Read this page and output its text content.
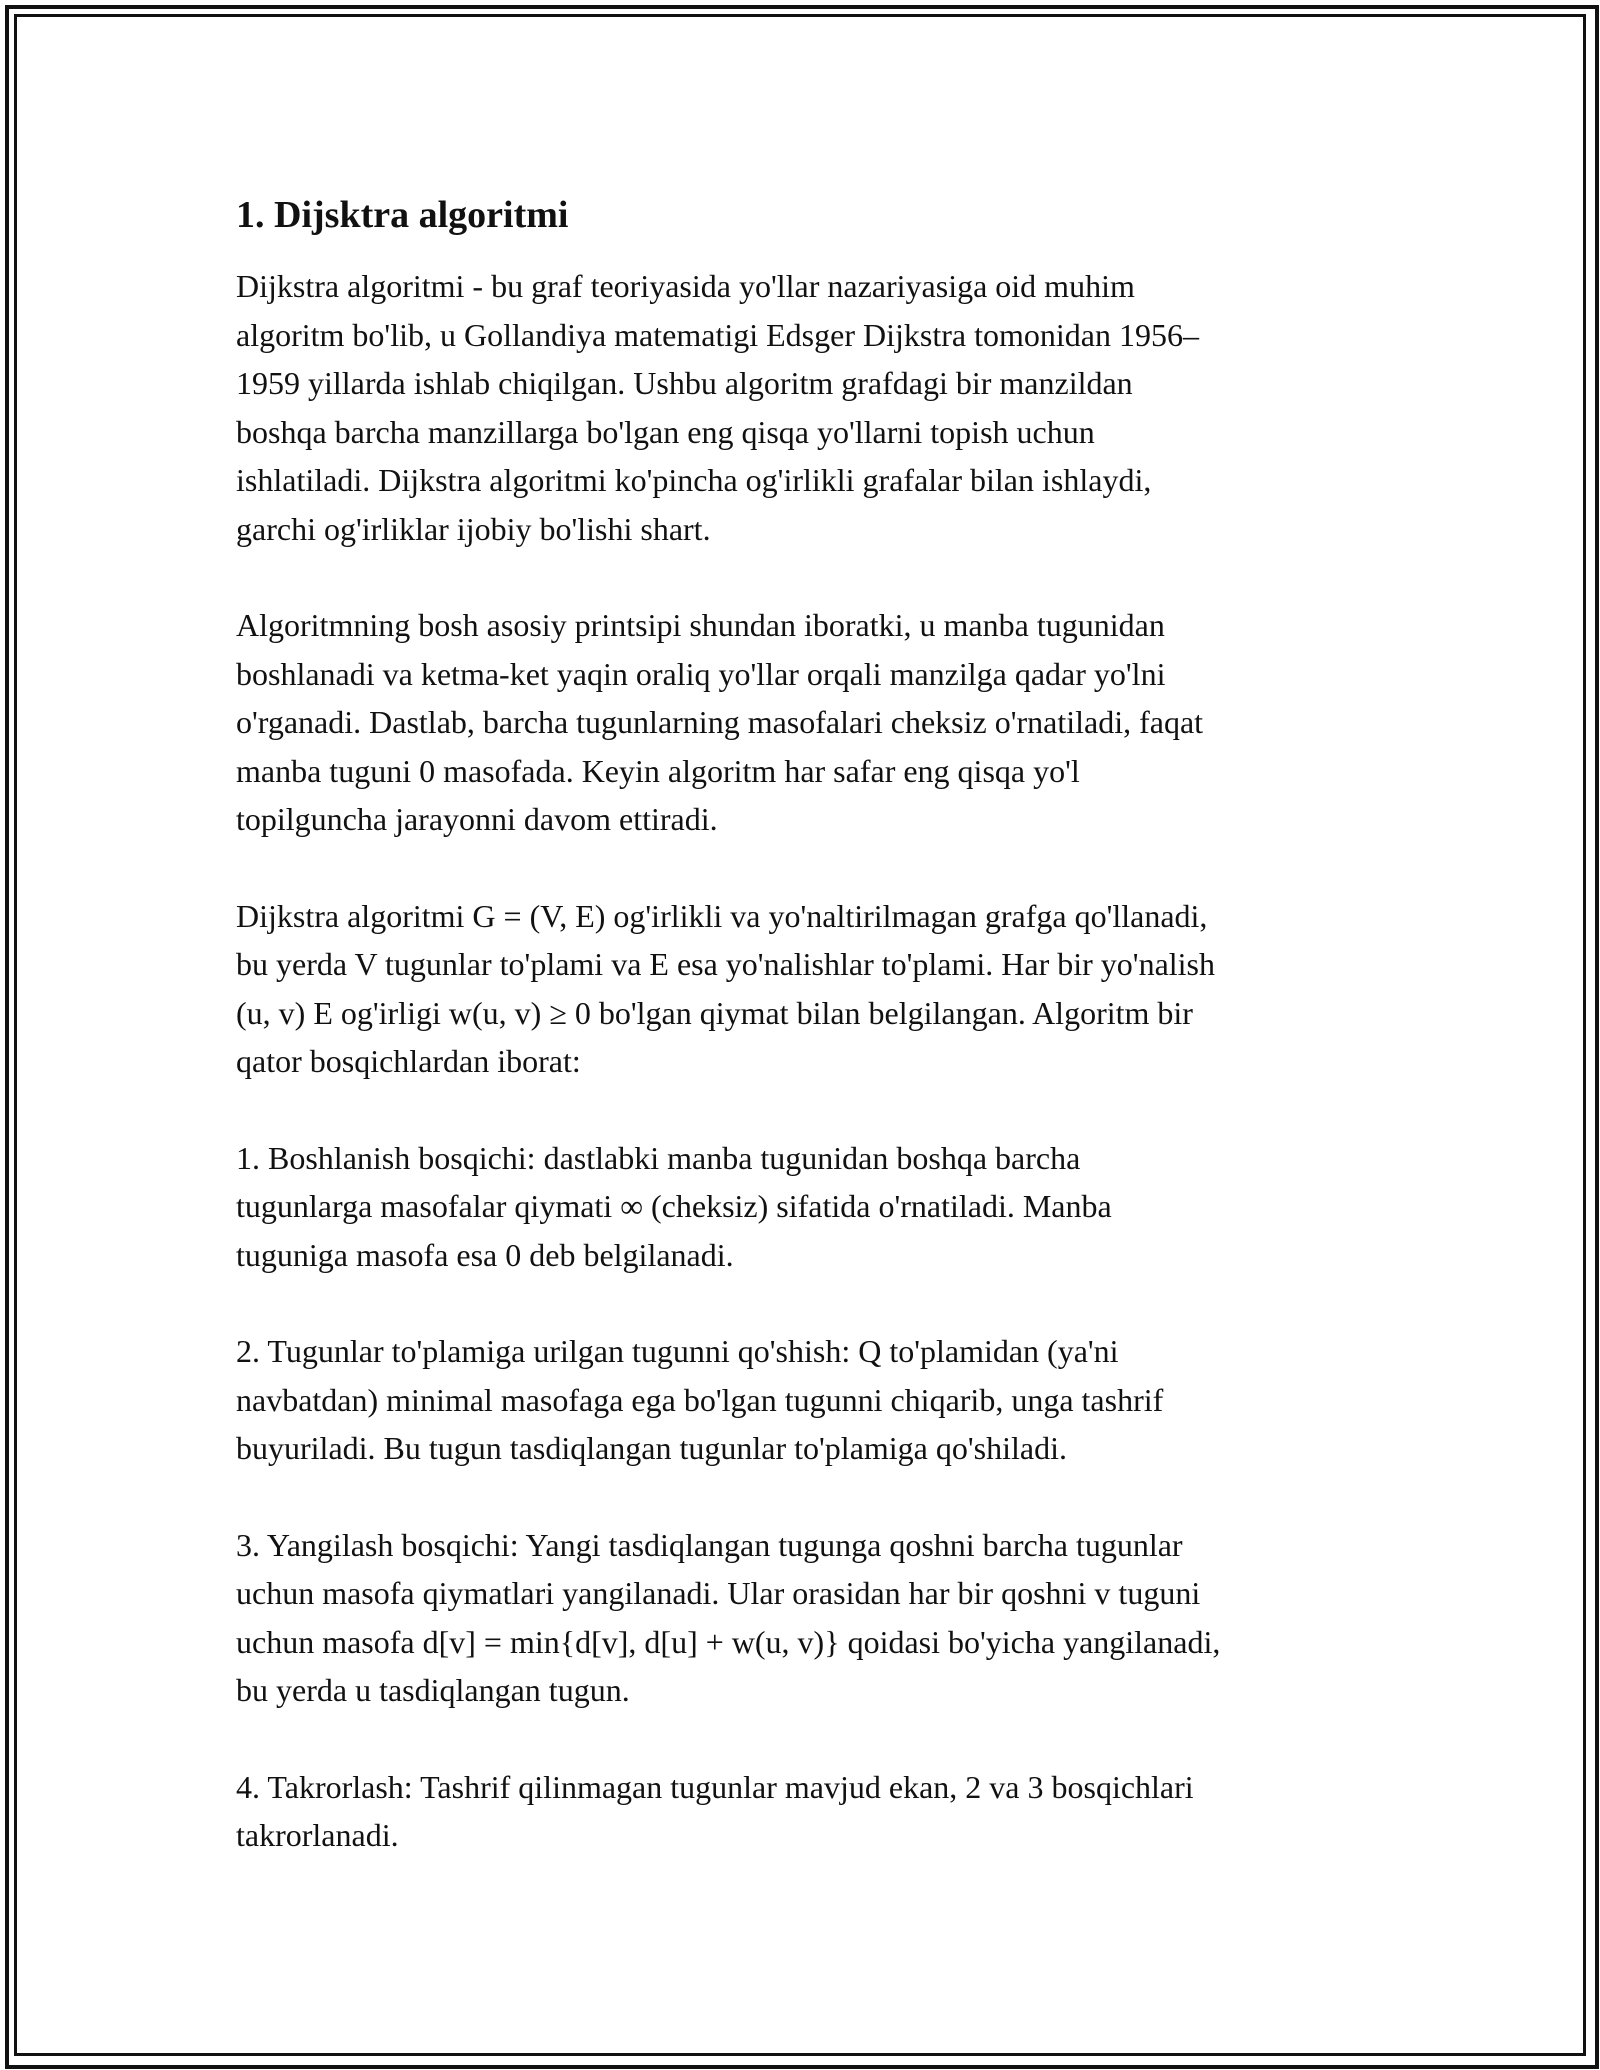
1. Dijsktra algoritmi

Dijkstra algoritmi - bu graf teoriyasida yo'llar nazariyasiga oid muhim
algoritm bo'lib, u Gollandiya matematigi Edsger Dijkstra tomonidan 1956–
1959 yillarda ishlab chiqilgan. Ushbu algoritm grafdagi bir manzildan
boshqa barcha manzillarga bo'lgan eng qisqa yo'llarni topish uchun
ishlatiladi. Dijkstra algoritmi ko'pincha og'irlikli grafalar bilan ishlaydi,
garchi og'irliklar ijobiy bo'lishi shart.

Algoritmning bosh asosiy printsipi shundan iboratki, u manba tugunidan
boshlanadi va ketma-ket yaqin oraliq yo'llar orqali manzilga qadar yo'lni
o'rganadi. Dastlab, barcha tugunlarning masofalari cheksiz o'rnatiladi, faqat
manba tuguni 0 masofada. Keyin algoritm har safar eng qisqa yo'l
topilguncha jarayonni davom ettiradi.

Dijkstra algoritmi G = (V, E) og'irlikli va yo'naltirilmagan grafga qo'llanadi,
bu yerda V tugunlar to'plami va E esa yo'nalishlar to'plami. Har bir yo'nalish
(u, v) E og'irligi w(u, v) ≥ 0 bo'lgan qiymat bilan belgilangan. Algoritm bir
qator bosqichlardan iborat:

1. Boshlanish bosqichi: dastlabki manba tugunidan boshqa barcha
tugunlarga masofalar qiymati ∞ (cheksiz) sifatida o'rnatiladi. Manba
tuguniga masofa esa 0 deb belgilanadi.

2. Tugunlar to'plamiga urilgan tugunni qo'shish: Q to'plamidan (ya'ni
navbatdan) minimal masofaga ega bo'lgan tugunni chiqarib, unga tashrif
buyuriladi. Bu tugun tasdiqlangan tugunlar to'plamiga qo'shiladi.

3. Yangilash bosqichi: Yangi tasdiqlangan tugunga qoshni barcha tugunlar
uchun masofa qiymatlari yangilanadi. Ular orasidan har bir qoshni v tuguni
uchun masofa d[v] = min{d[v], d[u] + w(u, v)} qoidasi bo'yicha yangilanadi,
bu yerda u tasdiqlangan tugun.

4. Takrorlash: Tashrif qilinmagan tugunlar mavjud ekan, 2 va 3 bosqichlari
takrorlanadi.
